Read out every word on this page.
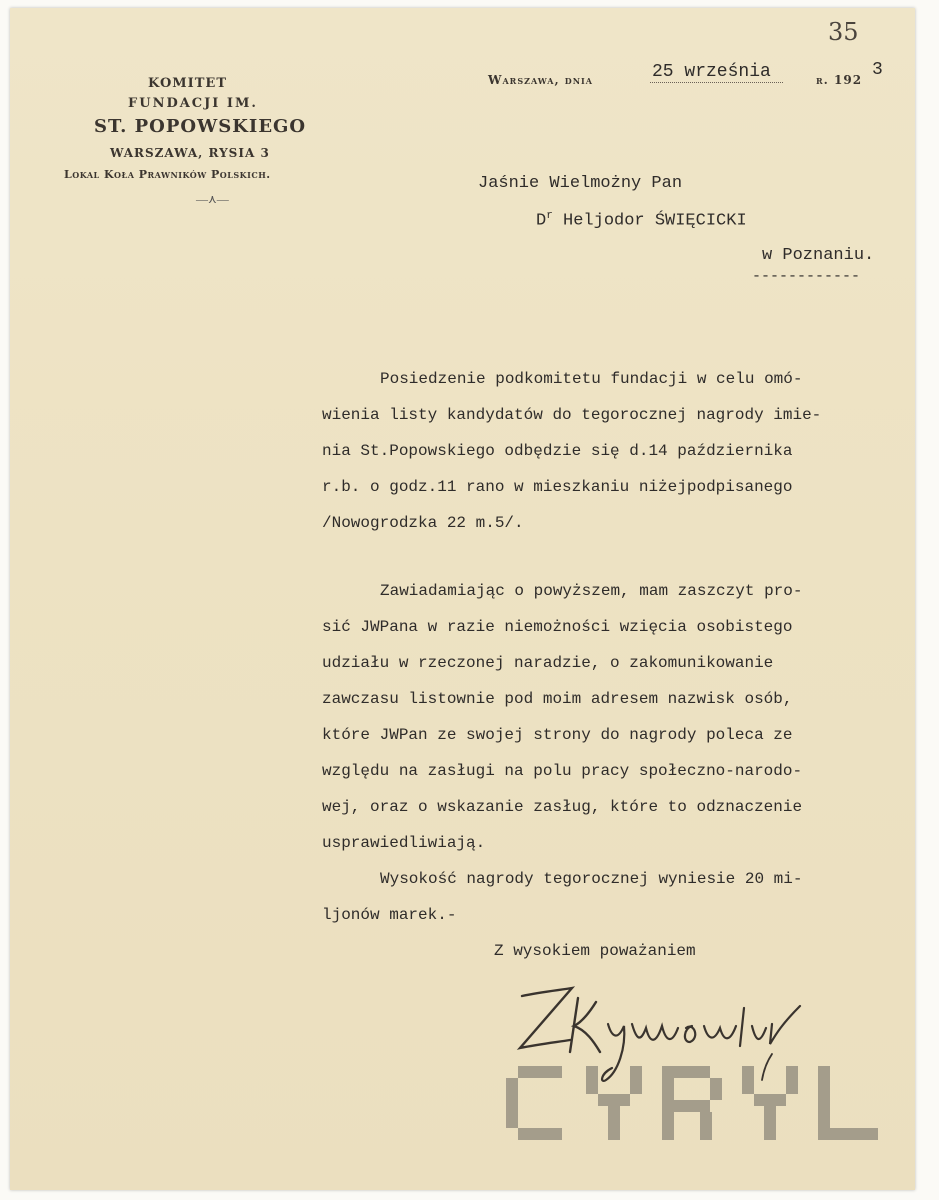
35
KOMITET
FUNDACJI IM.
ST. POPOWSKIEGO
WARSZAWA, RYSIA 3
Lokal Koła Prawników Polskich.
—⋏—
Warszawa, dnia	25 września	r. 192 3
Jaśnie Wielmożny Pan
$D^r$ Heljodor ŚWIĘCICKI
w Poznaniu.
------------
Posiedzenie podkomitetu fundacji w celu omó-
wienia listy kandydatów do tegorocznej nagrody imie-
nia St.Popowskiego odbędzie się d.14 października
r.b. o godz.11 rano w mieszkaniu niżejpodpisanego
/Nowogrodzka 22 m.5/.
Zawiadamiając o powyższem, mam zaszczyt pro-
sić JWPana w razie niemożności wzięcia osobistego
udziału w rzeczonej naradzie, o zakomunikowanie
zawczasu listownie pod moim adresem nazwisk osób,
które JWPan ze swojej strony do nagrody poleca ze
względu na zasługi na polu pracy społeczno-narodo-
wej, oraz o wskazanie zasług, które to odznaczenie
usprawiedliwiają.
Wysokość nagrody tegorocznej wyniesie 20 mi-
ljonów marek.-
Z wysokiem poważaniem
